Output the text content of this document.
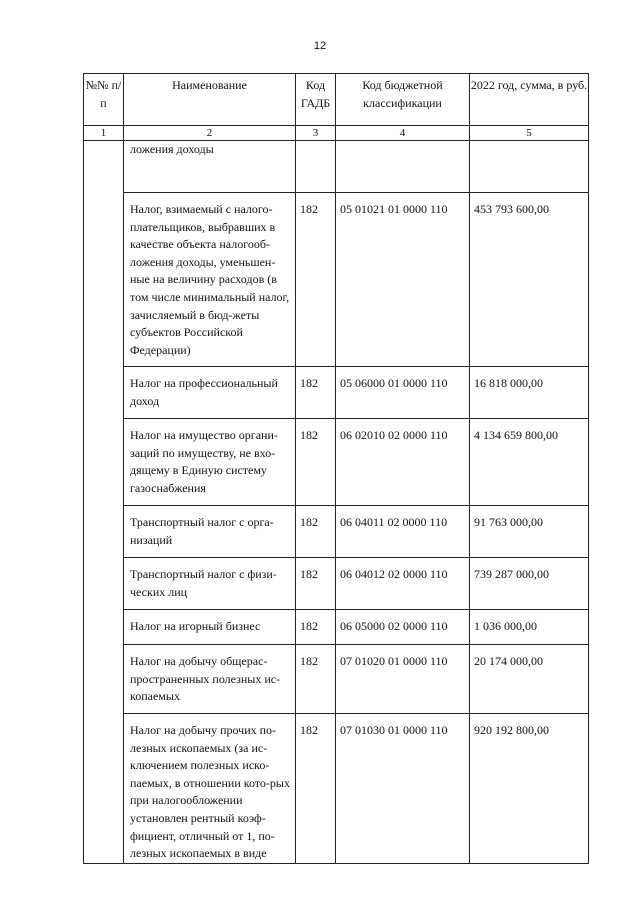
12
№№ п/п	Наименование	Код ГАДБ	Код бюджетной классификации	2022 год, сумма, в руб.
1	2	3	4	5
	ложения доходы			
	Налог, взимаемый с налого-плательщиков, выбравших в качестве объекта налогооб-ложения доходы, уменьшен-ные на величину расходов (в том числе минимальный налог, зачисляемый в бюд-жеты субъектов Российской Федерации)	182	05 01021 01 0000 110	453 793 600,00
	Налог на профессиональный доход	182	05 06000 01 0000 110	16 818 000,00
	Налог на имущество органи-заций по имуществу, не вхо-дящему в Единую систему газоснабжения	182	06 02010 02 0000 110	4 134 659 800,00
	Транспортный налог с орга-низаций	182	06 04011 02 0000 110	91 763 000,00
	Транспортный налог с физи-ческих лиц	182	06 04012 02 0000 110	739 287 000,00
	Налог на игорный бизнес	182	06 05000 02 0000 110	1 036 000,00
	Налог на добычу общерас-пространенных полезных ис-копаемых	182	07 01020 01 0000 110	20 174 000,00
	Налог на добычу прочих по-лезных ископаемых (за ис-ключением полезных иско-паемых, в отношении кото-рых при налогообложении установлен рентный коэф-фициент, отличный от 1, по-лезных ископаемых в виде	182	07 01030 01 0000 110	920 192 800,00
